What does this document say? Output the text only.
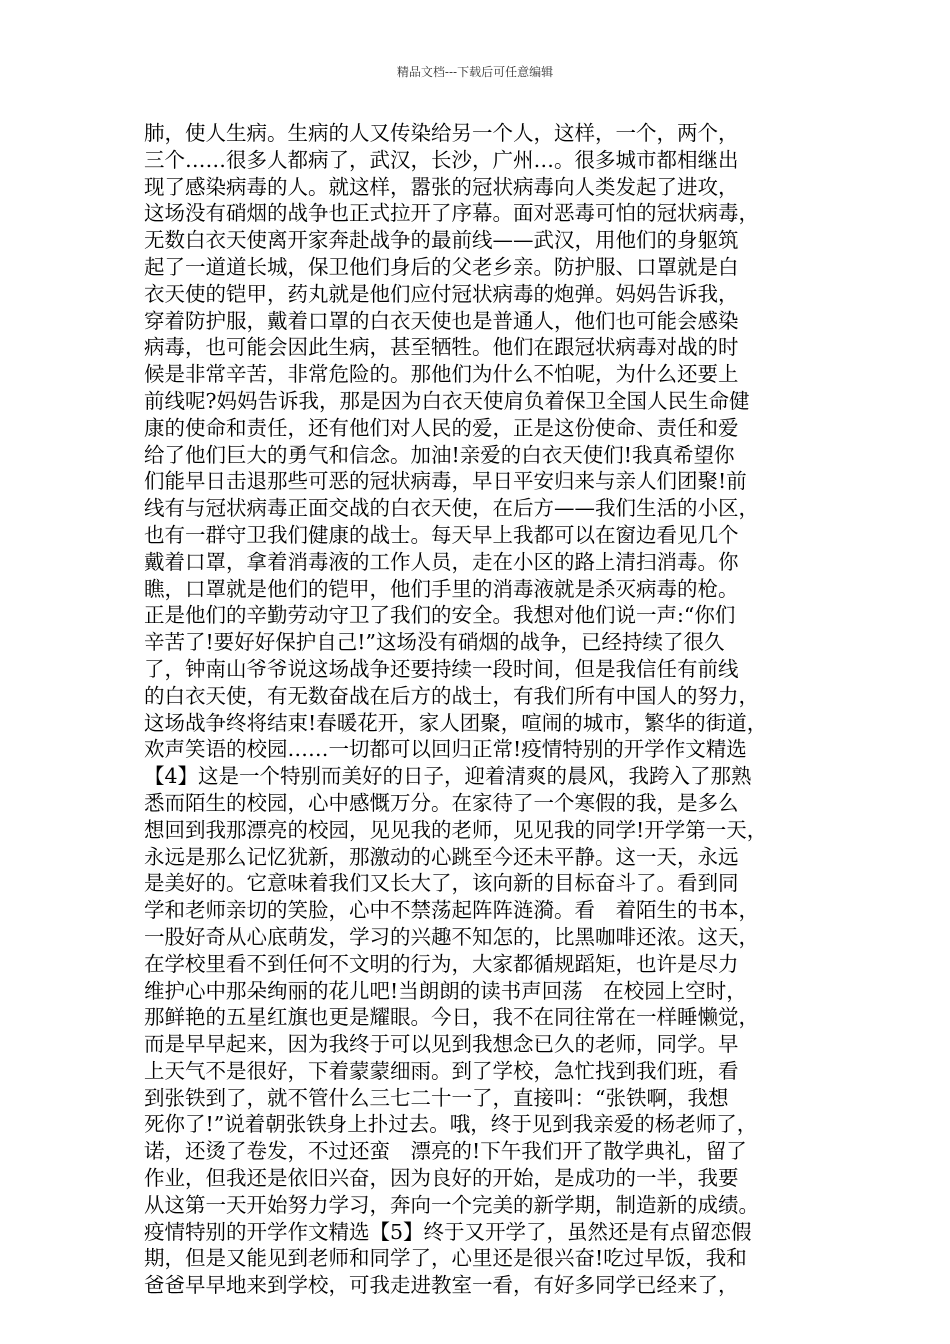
精品文档---下载后可任意编辑
肺，使人生病。生病的人又传染给另一个人，这样，一个，两个，
三个……很多人都病了，武汉，长沙，广州…。很多城市都相继出
现了感染病毒的人。就这样，嚣张的冠状病毒向人类发起了进攻，
这场没有硝烟的战争也正式拉开了序幕。面对恶毒可怕的冠状病毒，
无数白衣天使离开家奔赴战争的最前线——武汉，用他们的身躯筑
起了一道道长城，保卫他们身后的父老乡亲。防护服、口罩就是白
衣天使的铠甲，药丸就是他们应付冠状病毒的炮弹。妈妈告诉我，
穿着防护服，戴着口罩的白衣天使也是普通人，他们也可能会感染
病毒，也可能会因此生病，甚至牺牲。他们在跟冠状病毒对战的时
候是非常辛苦，非常危险的。那他们为什么不怕呢，为什么还要上
前线呢?妈妈告诉我，那是因为白衣天使肩负着保卫全国人民生命健
康的使命和责任，还有他们对人民的爱，正是这份使命、责任和爱
给了他们巨大的勇气和信念。加油!亲爱的白衣天使们!我真希望你
们能早日击退那些可恶的冠状病毒，早日平安归来与亲人们团聚!前
线有与冠状病毒正面交战的白衣天使，在后方——我们生活的小区，
也有一群守卫我们健康的战士。每天早上我都可以在窗边看见几个
戴着口罩，拿着消毒液的工作人员，走在小区的路上清扫消毒。你
瞧，口罩就是他们的铠甲，他们手里的消毒液就是杀灭病毒的枪。
正是他们的辛勤劳动守卫了我们的安全。我想对他们说一声:“你们
辛苦了!要好好保护自己!”这场没有硝烟的战争，已经持续了很久
了，钟南山爷爷说这场战争还要持续一段时间，但是我信任有前线
的白衣天使，有无数奋战在后方的战士，有我们所有中国人的努力，
这场战争终将结束!春暖花开，家人团聚，喧闹的城市，繁华的街道，
欢声笑语的校园……一切都可以回归正常!疫情特别的开学作文精选
【4】这是一个特别而美好的日子，迎着清爽的晨风，我跨入了那熟
悉而陌生的校园，心中感慨万分。在家待了一个寒假的我，是多么
想回到我那漂亮的校园，见见我的老师，见见我的同学!开学第一天，
永远是那么记忆犹新，那激动的心跳至今还未平静。这一天，永远
是美好的。它意味着我们又长大了，该向新的目标奋斗了。看到同
学和老师亲切的笑脸，心中不禁荡起阵阵涟漪。看　着陌生的书本，
一股好奇从心底萌发，学习的兴趣不知怎的，比黑咖啡还浓。这天，
在学校里看不到任何不文明的行为，大家都循规蹈矩，也许是尽力
维护心中那朵绚丽的花儿吧!当朗朗的读书声回荡　在校园上空时，
那鲜艳的五星红旗也更是耀眼。今日，我不在同往常在一样睡懒觉，
而是早早起来，因为我终于可以见到我想念已久的老师，同学。早
上天气不是很好，下着蒙蒙细雨。到了学校，急忙找到我们班，看
到张铁到了，就不管什么三七二十一了，直接叫：“张铁啊，我想
死你了!”说着朝张铁身上扑过去。哦，终于见到我亲爱的杨老师了，
诺，还烫了卷发，不过还蛮　漂亮的!下午我们开了散学典礼，留了
作业，但我还是依旧兴奋，因为良好的开始，是成功的一半，我要
从这第一天开始努力学习，奔向一个完美的新学期，制造新的成绩。
疫情特别的开学作文精选【5】终于又开学了，虽然还是有点留恋假
期，但是又能见到老师和同学了，心里还是很兴奋!吃过早饭，我和
爸爸早早地来到学校，可我走进教室一看，有好多同学已经来了，
